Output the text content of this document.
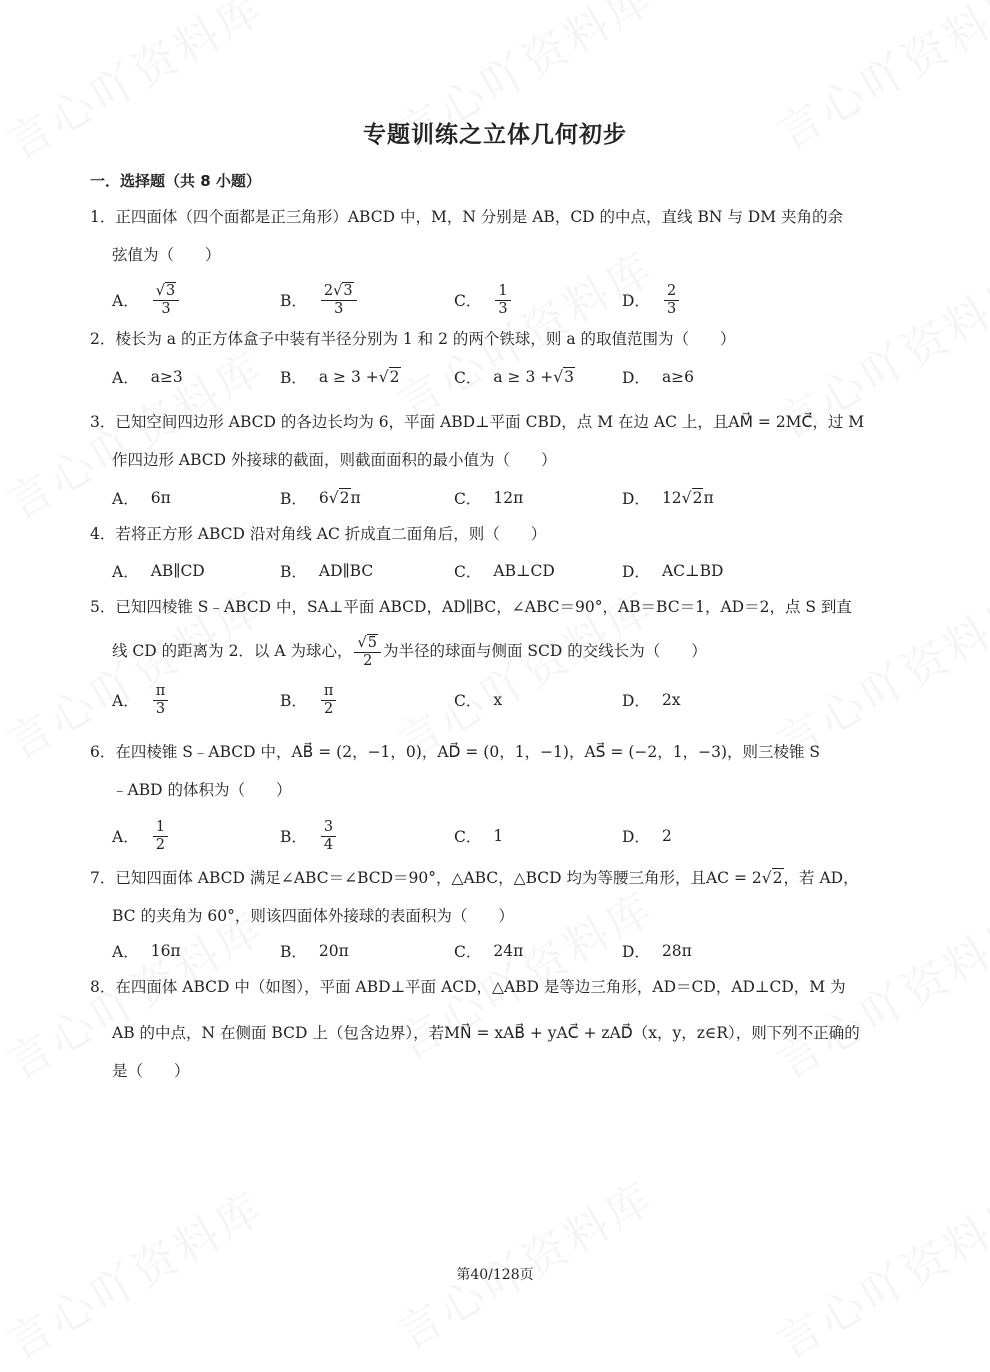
专题训练之立体几何初步
一．选择题（共 8 小题）
1．正四面体（四个面都是正三角形）ABCD 中，M，N 分别是 AB，CD 的中点，直线 BN 与 DM 夹角的余
弦值为（　　）
A． $\frac{√3}{3}$	B． $\frac{2√3}{3}$	C． $\frac{1}{3}$	D． $\frac{2}{3}$
2．棱长为 a 的正方体盒子中装有半径分别为 1 和 2 的两个铁球，则 a 的取值范围为（　　）
A． a≥3	B． a ≥ 3 + √2	C． a ≥ 3 + √3	D． a≥6
3．已知空间四边形 ABCD 的各边长均为 6，平面 ABD⊥平面 CBD，点 M 在边 AC 上，且AM⃗ = 2MC⃗，过 M
作四边形 ABCD 外接球的截面，则截面面积的最小值为（　　）
A． 6π	B． 6 √2 π	C． 12π	D． 12 √2 π
4．若将正方形 ABCD 沿对角线 AC 折成直二面角后，则（　　）
A． AB∥CD	B． AD∥BC	C． AB⊥CD	D． AC⊥BD
5．已知四棱锥 S﹣ABCD 中，SA⊥平面 ABCD，AD∥BC，∠ABC＝90°，AB＝BC＝1，AD＝2，点 S 到直
线 CD 的距离为 2．以 A 为球心， $\frac{√5}{2}$ 为半径的球面与侧面 SCD 的交线长为（　　）
A． $\frac{\pi}{3}$	B． $\frac{\pi}{2}$	C． x	D． 2x
6．在四棱锥 S﹣ABCD 中，AB⃗ = (2，−1，0)，AD⃗ = (0，1，−1)，AS⃗ = (−2，1，−3)，则三棱锥 S
﹣ABD 的体积为（　　）
A． $\frac{1}{2}$	B． $\frac{3}{4}$	C． 1	D． 2
7．已知四面体 ABCD 满足∠ABC＝∠BCD＝90°，△ABC，△BCD 均为等腰三角形，且AC = 2√2，若 AD，
BC 的夹角为 60°，则该四面体外接球的表面积为（　　）
A． 16π	B． 20π	C． 24π	D． 28π
8．在四面体 ABCD 中（如图），平面 ABD⊥平面 ACD，△ABD 是等边三角形，AD＝CD，AD⊥CD，M 为
AB 的中点，N 在侧面 BCD 上（包含边界），若MN⃗ = xAB⃗ + yAC⃗ + zAD⃗（x，y，z∈R），则下列不正确的
是（　　）
第40/128页
